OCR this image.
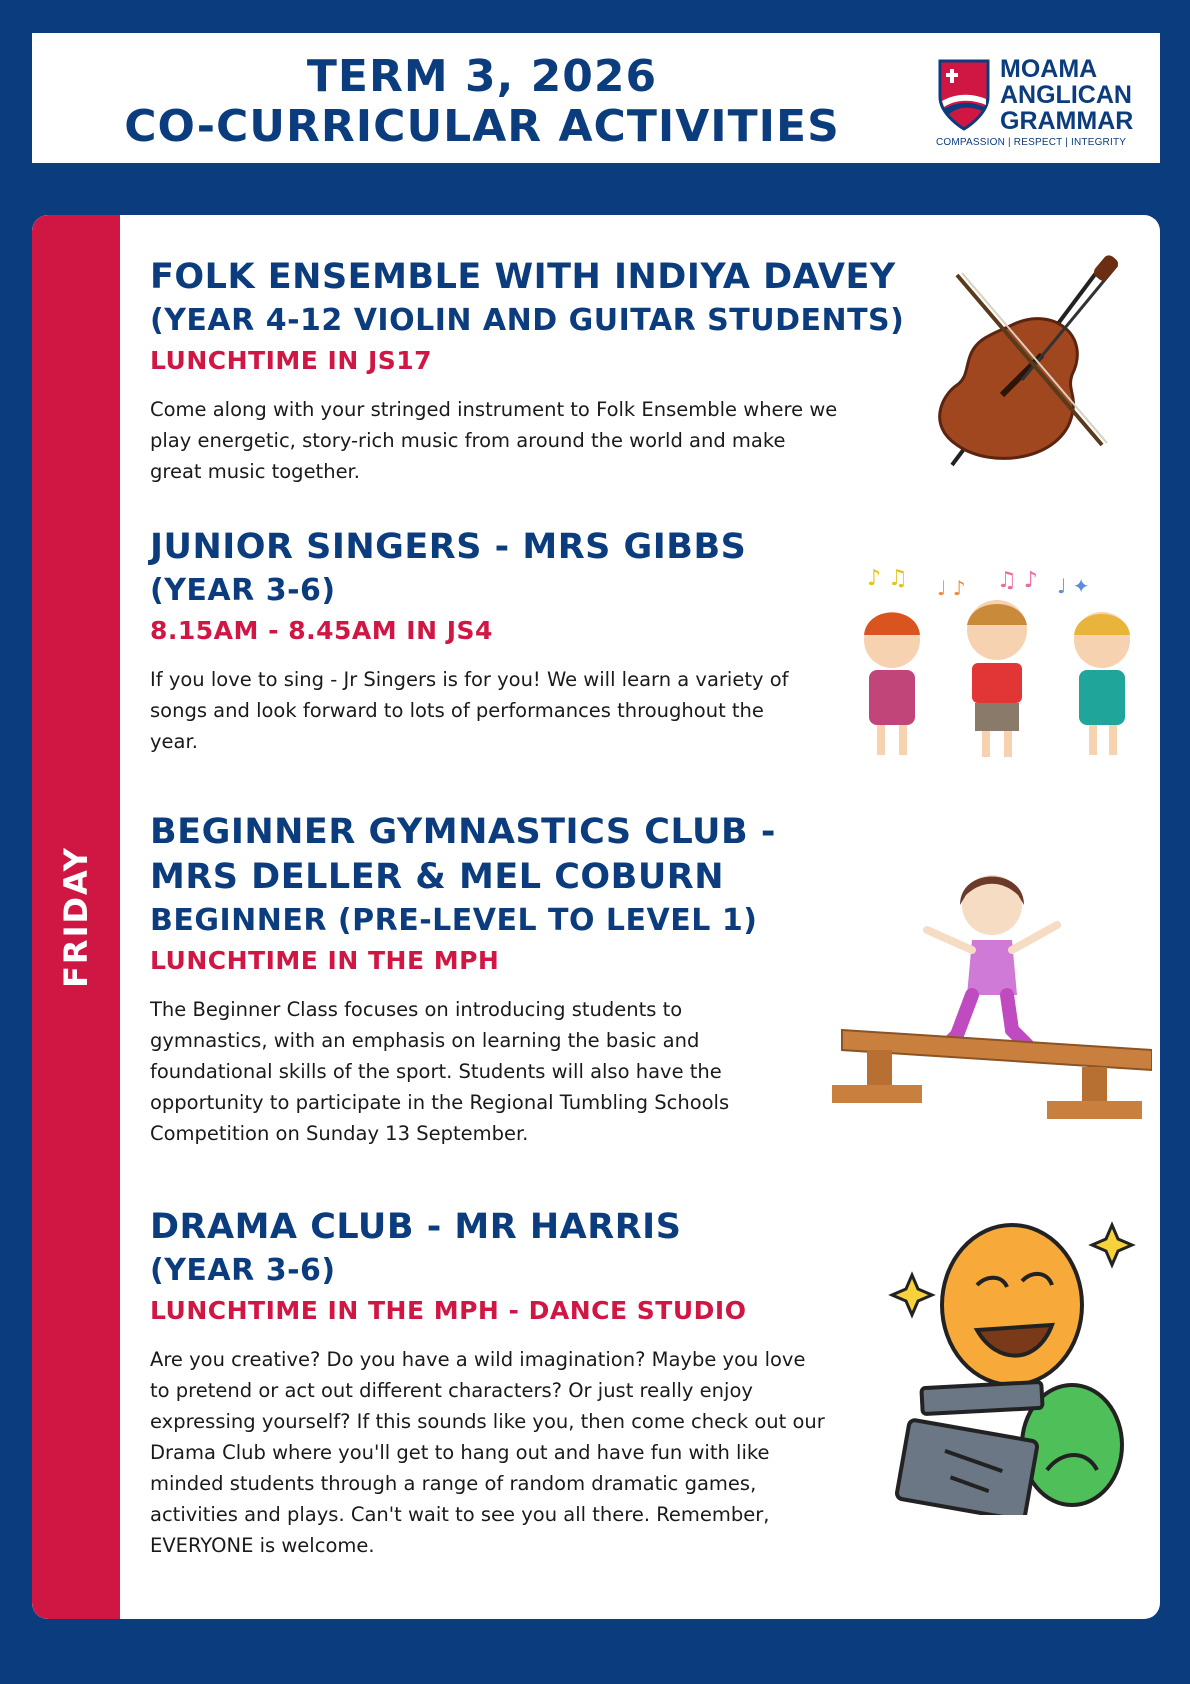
TERM 3, 2026
CO-CURRICULAR ACTIVITIES
MOAMA
ANGLICAN
GRAMMAR
COMPASSION | RESPECT | INTEGRITY
FRIDAY
FOLK ENSEMBLE WITH INDIYA DAVEY
(YEAR 4-12 VIOLIN AND GUITAR STUDENTS)
LUNCHTIME IN JS17
Come along with your stringed instrument to Folk Ensemble where we play energetic, story-rich music from around the world and make great music together.
JUNIOR SINGERS - MRS GIBBS
(YEAR 3-6)
8.15AM - 8.45AM IN JS4
If you love to sing - Jr Singers is for you! We will learn a variety of songs and look forward to lots of performances throughout the year.
♪ ♫ ♩ ♪ ♫ ♪ ♩ ✦
BEGINNER GYMNASTICS CLUB -
MRS DELLER & MEL COBURN
BEGINNER (PRE-LEVEL TO LEVEL 1)
LUNCHTIME IN THE MPH
The Beginner Class focuses on introducing students to gymnastics, with an emphasis on learning the basic and foundational skills of the sport. Students will also have the opportunity to participate in the Regional Tumbling Schools Competition on Sunday 13 September.
DRAMA CLUB - MR HARRIS
(YEAR 3-6)
LUNCHTIME IN THE MPH - DANCE STUDIO
Are you creative? Do you have a wild imagination? Maybe you love to pretend or act out different characters? Or just really enjoy expressing yourself? If this sounds like you, then come check out our Drama Club where you'll get to hang out and have fun with like minded students through a range of random dramatic games, activities and plays. Can't wait to see you all there. Remember, EVERYONE is welcome.
